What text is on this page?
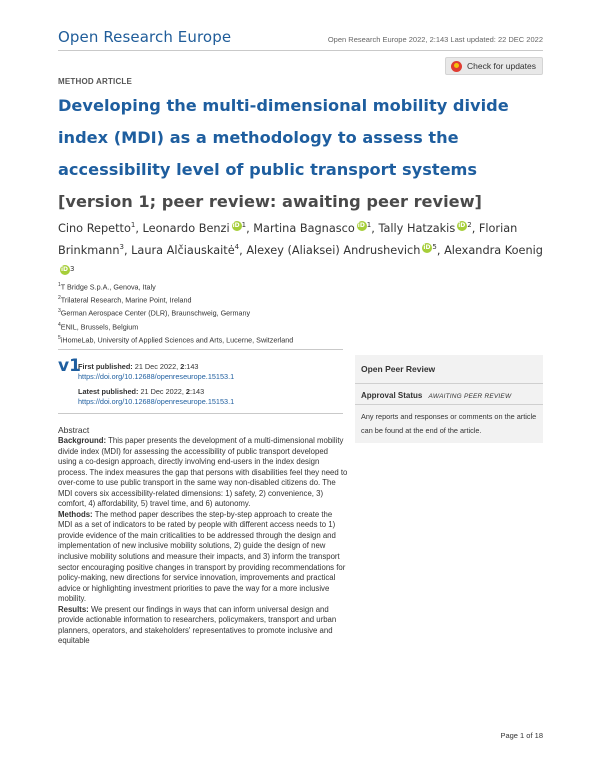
Open Research Europe	Open Research Europe 2022, 2:143 Last updated: 22 DEC 2022
METHOD ARTICLE
Check for updates
Developing the multi-dimensional mobility divide index (MDI) as a methodology to assess the accessibility level of public transport systems [version 1; peer review: awaiting peer review]
Cino Repetto$^1$, Leonardo Benzi iD $^1$, Martina Bagnasco iD $^1$, Tally Hatzakis iD $^2$, Florian Brinkmann$^3$, Laura Alčiauskaitė$^4$, Alexey (Aliaksei) Andrushevich iD $^5$, Alexandra KoenigiD$^3$
$^1$T Bridge S.p.A., Genova, Italy
$^2$Trilateral Research, Marine Point, Ireland
$^3$German Aerospace Center (DLR), Braunschweig, Germany
$^4$ENIL, Brussels, Belgium
$^5$iHomeLab, University of Applied Sciences and Arts, Lucerne, Switzerland
v1
First published: 21 Dec 2022, 2:143
https://doi.org/10.12688/openreseurope.15153.1
Latest published: 21 Dec 2022, 2:143
https://doi.org/10.12688/openreseurope.15153.1
Abstract
Background: This paper presents the development of a multi-dimensional mobility divide index (MDI) for assessing the accessibility of public transport developed using a co-design approach, directly involving end-users in the index design process. The index measures the gap that persons with disabilities feel they need to over-come to use public transport in the same way non-disabled citizens do. The MDI covers six accessibility-related dimensions: 1) safety, 2) convenience, 3) comfort, 4) affordability, 5) travel time, and 6) autonomy.
Methods: The method paper describes the step-by-step approach to create the MDI as a set of indicators to be rated by people with different access needs to 1) provide evidence of the main criticalities to be addressed through the design and implementation of new inclusive mobility solutions, 2) guide the design of new inclusive mobility solutions and measure their impacts, and 3) inform the transport sector encouraging positive changes in transport by providing recommendations for policy-making, new directions for service innovation, improvements and practical advice or highlighting investment priorities to pave the way for a more inclusive mobility.
Results: We present our findings in ways that can inform universal design and provide actionable information to researchers, policymakers, transport and urban planners, operators, and stakeholders' representatives to promote inclusive and equitable
Open Peer Review
Approval Status AWAITING PEER REVIEW
Any reports and responses or comments on the article can be found at the end of the article.
Page 1 of 18
